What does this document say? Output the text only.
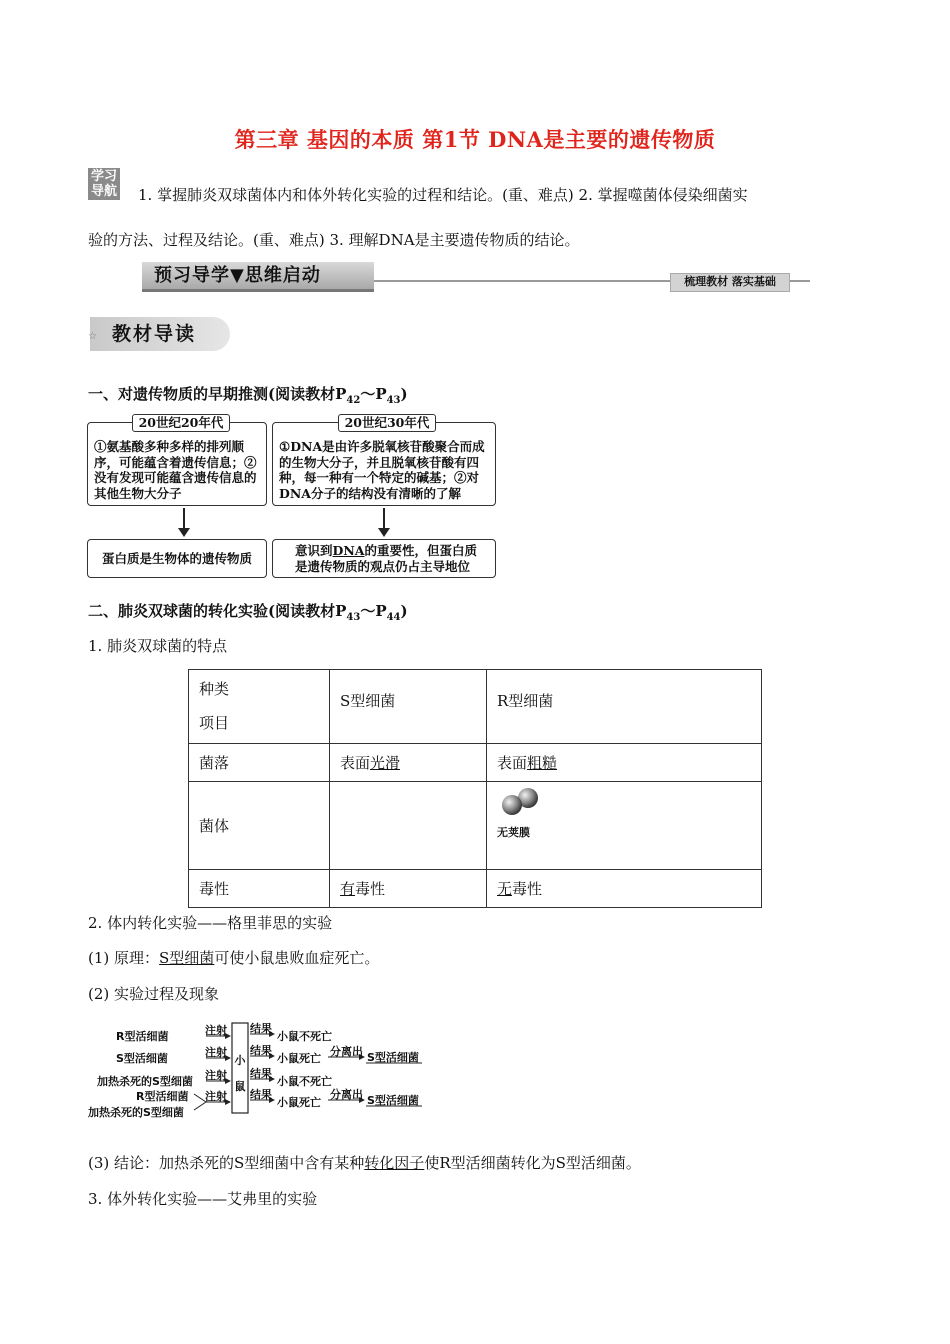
第三章 基因的本质 第1节 DNA是主要的遗传物质
学习
导航 1. 掌握肺炎双球菌体内和体外转化实验的过程和结论。(重、难点) 2. 掌握噬菌体侵染细菌实
验的方法、过程及结论。(重、难点) 3. 理解DNA是主要遗传物质的结论。
预习导学▼思维启动	梳理教材 落实基础
☆ 教材导读
一、对遗传物质的早期推测(阅读教材$P_{42}\sim P_{43}$)
①氨基酸多种多样的排列顺序，可能蕴含着遗传信息；②没有发现可能蕴含遗传信息的其他生物大分子
20世纪20年代
①DNA是由许多脱氧核苷酸聚合而成的生物大分子，并且脱氧核苷酸有四种，每一种有一个特定的碱基；②对DNA分子的结构没有清晰的了解
20世纪30年代
蛋白质是生物体的遗传物质
意识到DNA的重要性，但蛋白质是遗传物质的观点仍占主导地位
二、肺炎双球菌的转化实验(阅读教材$P_{43}\sim P_{44}$)
1. 肺炎双球菌的特点
种类
项目	S型细菌	R型细菌
菌落	表面光滑	表面粗糙
菌体		无荚膜

毒性	有毒性	无毒性
2. 体内转化实验——格里菲思的实验
(1) 原理：S型细菌可使小鼠患败血症死亡。
(2) 实验过程及现象
R型活细菌
S型活细菌
加热杀死的S型细菌
R型活细菌
加热杀死的S型细菌
注射
注射
注射
注射
小鼠
结果
结果
结果
结果
小鼠不死亡
小鼠死亡
小鼠不死亡
小鼠死亡
分离出
分离出
S型活细菌
S型活细菌
(3) 结论：加热杀死的S型细菌中含有某种转化因子使R型活细菌转化为S型活细菌。
3. 体外转化实验——艾弗里的实验
